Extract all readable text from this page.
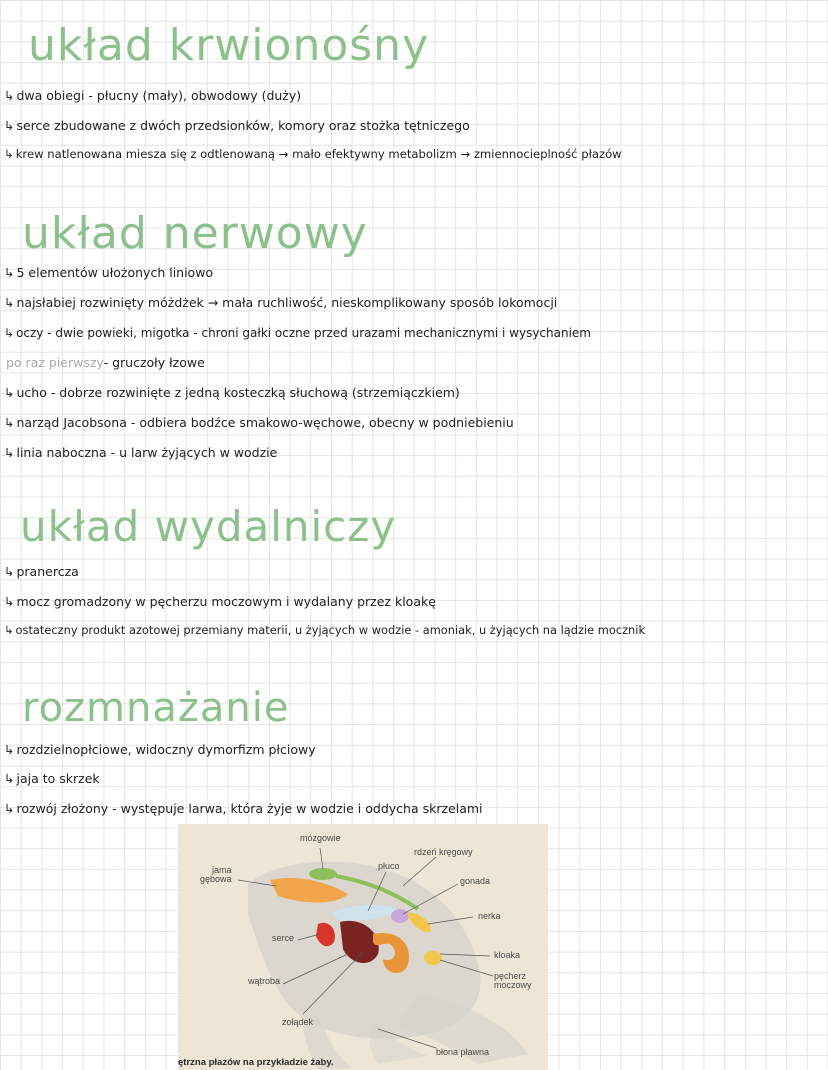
układ krwionośny
↳ dwa obiegi - płucny (mały), obwodowy (duży)
↳ serce zbudowane z dwóch przedsionków, komory oraz stożka tętniczego
↳ krew natlenowana miesza się z odtlenowaną → mało efektywny metabolizm → zmiennocieplność płazów
układ nerwowy
↳ 5 elementów ułożonych liniowo
↳ najsłabiej rozwinięty móżdżek → mała ruchliwość, nieskomplikowany sposób lokomocji
↳ oczy - dwie powieki, migotka - chroni gałki oczne przed urazami mechanicznymi i wysychaniem
po raz pierwszy- gruczoły łzowe
↳ ucho - dobrze rozwinięte z jedną kosteczką słuchową (strzemiączkiem)
↳ narząd Jacobsona - odbiera bodźce smakowo-węchowe, obecny w podniebieniu
↳ linia naboczna - u larw żyjących w wodzie
układ wydalniczy
↳ pranercza
↳ mocz gromadzony w pęcherzu moczowym i wydalany przez kloakę
↳ ostateczny produkt azotowej przemiany materii, u żyjących w wodzie - amoniak, u żyjących na lądzie mocznik
rozmnażanie
↳ rozdzielnopłciowe, widoczny dymorfizm płciowy
↳ jaja to skrzek
↳ rozwój złożony - występuje larwa, która żyje w wodzie i oddycha skrzelami
mózgowie
rdzeń kręgowy
płuco
jama
gębowa	gonada
nerka
serce
kloaka
wątroba	pęcherz
moczowy
żołądek
błona pławna
ętrzna płazów na przykładzie żaby.
